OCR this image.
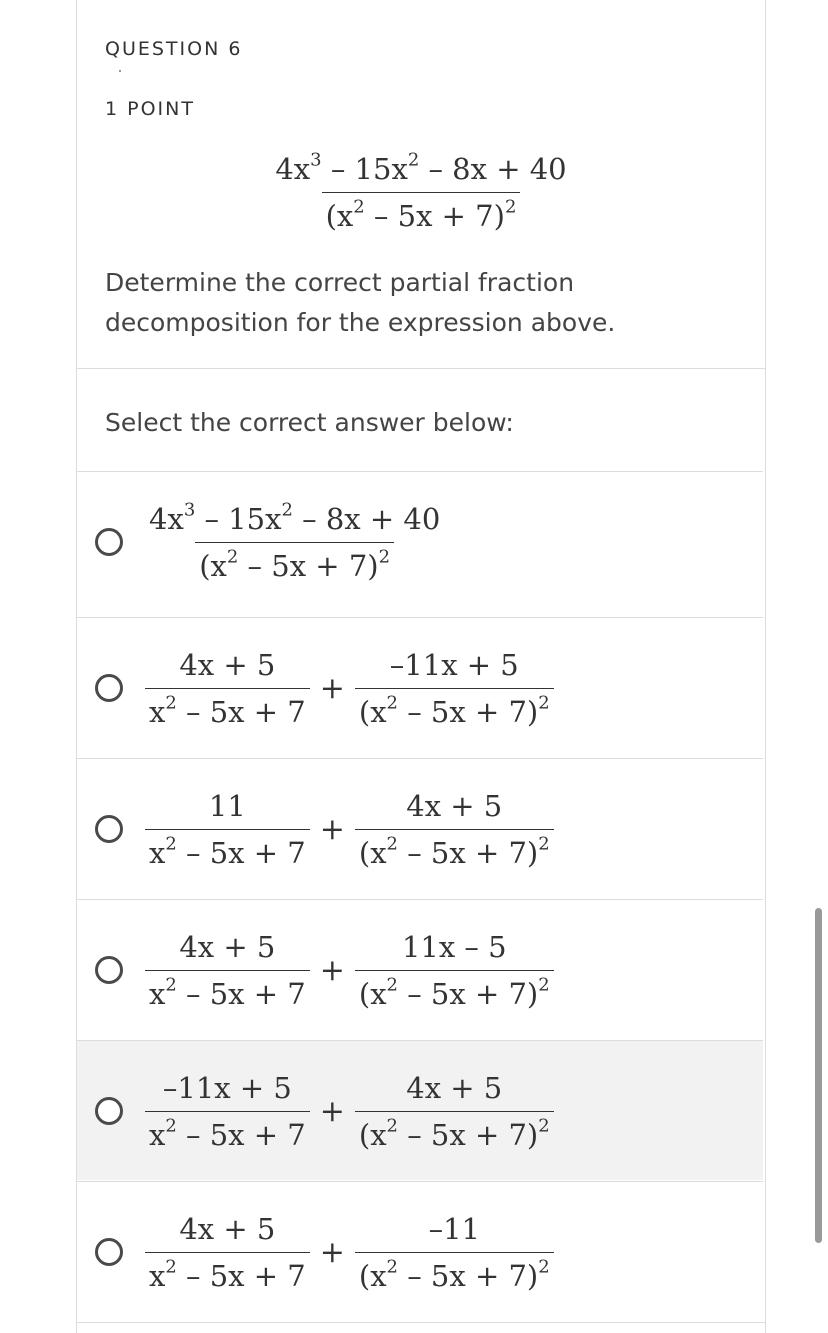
QUESTION 6
1 POINT
$\frac{4x^3 - 15x^2 - 8x + 40}{(x^2 - 5x + 7)^2}$
Determine the correct partial fraction decomposition for the expression above.
Select the correct answer below:
$\frac{4x^3 - 15x^2 - 8x + 40}{(x^2 - 5x + 7)^2}$
$\frac{4x + 5}{x^2 - 5x + 7} + \frac{-11x + 5}{(x^2 - 5x + 7)^2}$
$\frac{11}{x^2 - 5x + 7} + \frac{4x + 5}{(x^2 - 5x + 7)^2}$
$\frac{4x + 5}{x^2 - 5x + 7} + \frac{11x - 5}{(x^2 - 5x + 7)^2}$
$\frac{-11x + 5}{x^2 - 5x + 7} + \frac{4x + 5}{(x^2 - 5x + 7)^2}$
$\frac{4x + 5}{x^2 - 5x + 7} + \frac{-11}{(x^2 - 5x + 7)^2}$
